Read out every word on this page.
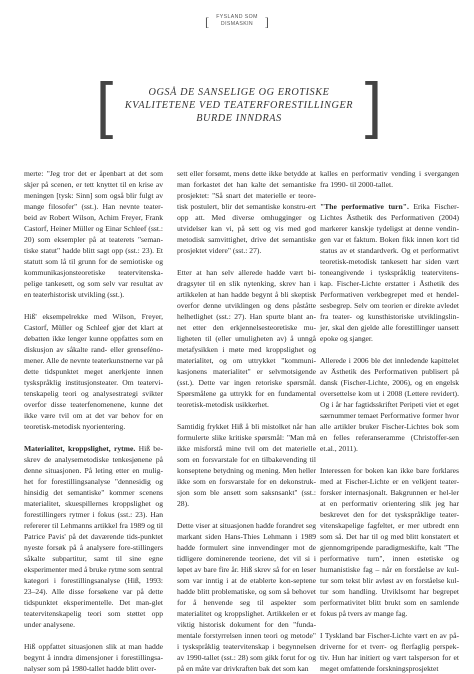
[	FYSLAND SOM
DISMASKIN ]
[	OGSÅ DE SANSELIGE OG EROTISKE
KVALITETENE VED TEATERFORESTILLINGER
BURDE INNDRAS	]

merte: "Jeg tror det er åpenbart at det som skjer på scenen, er tett knyttet til en krise av meningen [tysk: Sinn] som også blir fulgt av mange filosofer" (sst.). Han nevnte teater-beid av Robert Wilson, Achim Freyer, Frank Castorf, Heiner Müller og Einar Schleef (sst.: 20) som eksempler på at teaterets "seman-tiske statut" hadde blitt sagt opp (sst.: 23). Et statutt som lå til grunn for de semiotiske og kommunikasjonsteoretiske teatervitenska-pelige tankesett, og som selv var resultat av en teaterhistorisk utvikling (sst.).

Hiß' eksempelrekke med Wilson, Freyer, Castorf, Müller og Schleef gjør det klart at debatten ikke lenger kunne oppfattes som en diskusjon av såkalte rand- eller grenseféno-mener. Alle de nevnte teaterkunstnerne var på dette tidspunktet meget anerkjente innen tyskspråklig institusjonsteater. Om teatervi-tenskapelig teori og analysestrategi svikter overfor disse teaterfenomenene, kunne det ikke være tvil om at det var behov for en teoretisk-metodisk nyorientering.

Materialitet, kroppslighet, rytme. Hiß be-skrev de analysemetodiske tenkesjønene på denne situasjonen. På leting etter en mulig-het for forestillingsanalyse "dennesidig og hinsidig det semantiske" kommer scenens materialitet, skuespillernes kroppslighet og forestillingers rytmer i fokus (sst.: 23). Han refererer til Lehmanns artikkel fra 1989 og til Patrice Pavis' på det daværende tids-punktet nyeste forsøk på å analysere fore-stillingers såkalte subpartitur, samt til sine egne eksperimenter med å bruke rytme som sentral kategori i forestillingsanalyse (Hiß, 1993: 23–24). Alle disse forsøkene var på dette tidspunktet eksperimentelle. Det man-glet teatervitenskapelig teori som støttet opp under analysene.

Hiß oppfattet situasjonen slik at man hadde begynt å inndra dimensjoner i forestillingsa-nalyser som på 1980-tallet hadde blitt over-

sett eller forsømt, mens dette ikke betydde at man forkastet det han kalte det semantiske prosjektet: "Så snart det materielle er teore-tisk postulert, blir det semantiske konstru-ert opp att. Med diverse omhugginger og utvidelser kan vi, på sett og vis med god metodisk samvittighet, drive det semantiske prosjektet videre" (sst.: 27).

Etter at han selv allerede hadde vært bi-dragsyter til en slik nytenking, skrev han i artikkelen at han hadde begynt å bli skeptisk overfor denne utviklingen og dens påståtte helhetlighet (sst.: 27). Han spurte blant an-net etter den erkjennelsesteoretiske mu-ligheten til (eller umuligheten av) å unngå metafysikken i møte med kroppslighet og materialitet, og om uttrykket "kommuni-kasjonens materialitet" er selvmotsigende (sst.). Dette var ingen retoriske spørsmål. Spørsmålene ga uttrykk for en fundamental teoretisk-metodisk usikkerhet.

Samtidig frykket Hiß å bli mistolket når han formulerte slike kritiske spørsmål: "Man må ikke misforstå mine tvil om det materielle som en forsvarstale for en tilbakevending til konseptene betydning og mening. Men heller ikke som en forsvarstale for en dekonstruk-sjon som ble ansett som saksnsankt" (sst.: 28).

Dette viser at situasjonen hadde forandret seg markant siden Hans-Thies Lehmann i 1989 hadde formulert sine innvendinger mot de tidligere dominerende teoriene, det vil si i løpet av bare fire år. Hiß skrev så for en leser som var inntig i at de etablerte kon-septene hadde blitt problematiske, og som så behovet for å henvende seg til aspekter som materialitet og kroppslighet. Artikkelen er et viktig historisk dokument for den "funda-mentale forstyrrelsen innen teori og metode" i tyskspråklig teatervitenskap i begynnelsen av 1990-tallet (sst.: 28) som gikk forut for og på en måte var drivkraften bak det som kan

kalles en performativ vending i svergangen fra 1990- til 2000-tallet.

"The performative turn". Erika Fischer-Lichtes Ästhetik des Performativen (2004) markerer kanskje tydeligst at denne vendin-gen var et faktum. Boken fikk innen kort tid status av et standardverk. Og et performativt teoretisk-metodisk tankesett har siden vært toneangivende i tyskspråklig teatervitens-kap. Fischer-Lichte erstatter i Ästhetik des Performativen verkbegrepet med et hendel-sesbegrep. Selv om teorien er direkte avledet fra teater- og kunsthistoriske utviklingslin-jer, skal den gjelde alle forestillinger uansett epoke og sjanger.

Allerede i 2006 ble det innledende kapittelet av Ästhetik des Performativen publisert på dansk (Fischer-Lichte, 2006), og en engelsk oversettelse kom ut i 2008 (Lettere revidert). Og i år har fagtidsskriftet Peripeti viet et eget særnummer temaet Performative former hvor alle artikler bruker Fischer-Lichtes bok som en felles referanseramme (Christoffer-sen et.al., 2011).

Interessen for boken kan ikke bare forklares med at Fischer-Lichte er en velkjent teater-forsker internasjonalt. Bakgrunnen er hel-ler at en performativ orientering slik jeg har beskrevet den for det tyskspråklige teater-vitenskapelige fagfeltet, er mer utbredt enn som så. Det har til og med blitt konstatert et gjennomgripende paradigmeskifte, kalt "The performative turn", innen estetiske og humanistiske fag – når en forståelse av kul-tur som tekst blir avløst av en forståelse kul-tur som handling. Utviklsomt har begrepet performativitet blitt brukt som en samlende fokus på tvers av mange fag.

I Tyskland bar Fischer-Lichte vært en av på-driverne for et tverr- og flerfaglig perspek-tiv. Hun har initiert og vært talsperson for et meget omfattende forskningsprosjektet
